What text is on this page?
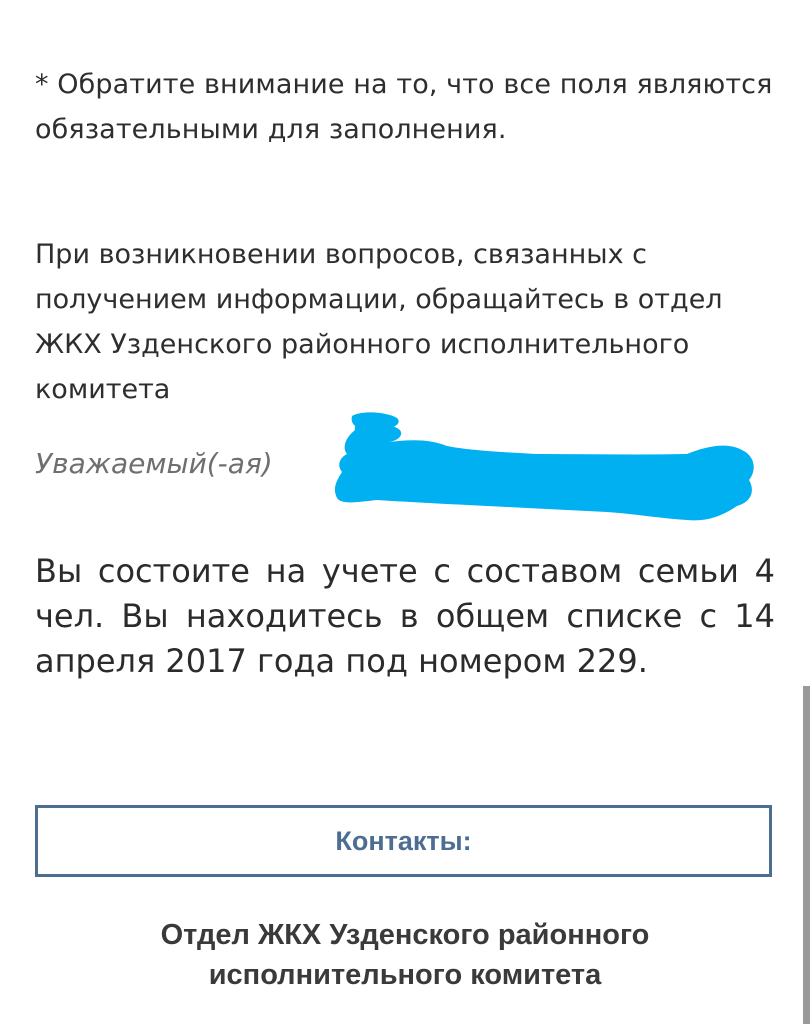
* Обратите внимание на то, что все поля являются обязательными для заполнения.

При возникновении вопросов, связанных с получением информации, обращайтесь в отдел ЖКХ Узденского районного исполнительного комитета

Уважаемый(-ая)

Вы состоите на учете с составом семьи 4 чел. Вы находитесь в общем списке с 14 апреля 2017 года под номером 229.

Контакты:

Отдел ЖКХ Узденского районного исполнительного комитета
